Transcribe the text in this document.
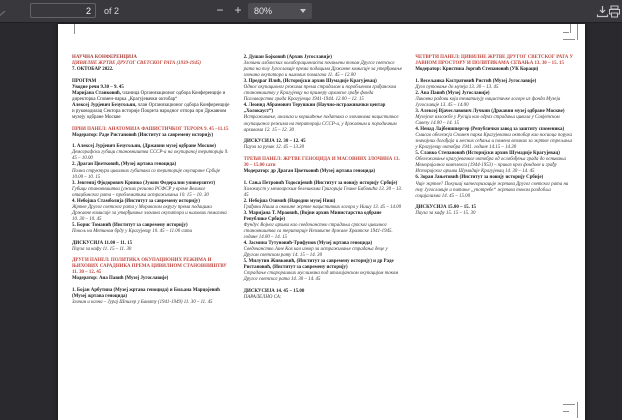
2
of 2	− +	80%

НАУЧНА КОНФЕРЕНЦИЈА

ЦИВИЛНЕ ЖРТВЕ ДРУГОГ СВЕТСКОГ РАТА (1939-1945)

7. ОКТОБАР 2022.

ПРОГРАМ

Уводне речи 9.30 – 9. 45

Маријана Станковић, чланица Организационог одбора Конференције и директорка Спомен-парка „Крагујевачки октобар“

Алексеј Јурјевич Безугољни, члан Организационог одбора Конференције и руководилац Сектора историје Покрета народног отпора при Државном музеју одбране Москве

ПРВИ ПАНЕЛ: АНАТОМИЈА ФАШИСТИЧКОГ ТЕРОРА 9. 45 –11.15

Модератор: Раде Ристановић (Институт за савремену историју)

1. Алексеј Јурјевич Безугољни, (Државни музеј одбране Москве)

Демографски губици становништва СССР-а на окупираној територији 9. 45 – 10.00

2. Драган Цветковић, (Музеј жртава геноцида)

Полна структура цивилних губитака са територије окупиране Србије 10.00 – 10. 15

3. Јевгениј Фјодорович Кринко (Јужни Федерални универзитет)

Губици становништва јужних региона РСФСР у време Великог отаџбинског рата – проблематика истраживања 10. 15 – 10. 30

4. Небојша Стамболија (Институт за савремену историју)

Жртве Другог светског рата у Моравском округу према подацима Државне комисије за утврђивање злочина окупатора и њихових помагача 10. 30 – 10. 45

5. Борис Томанић (Институт за савремену историју)

Покољ на Метином брду у Крагујевцу 10. 45 – 11.00 сати

ДИСКУСИЈА 11.00 – 11. 15

Пауза за кафу 11. 15 – 11. 30

ДРУГИ ПАНЕЛ: ПОЛИТИКА ОКУПАЦИОНИХ РЕЖИМА И ЊИХОВИХ САРАДНИКА ПРЕМА ЦИВИЛНОМ СТАНОВНИШТВУ 11. 30 – 12. 45

Модератор: Ана Павић (Музеј Југославије)

1. Бојан Арбутина (Музеј жртава геноцида) и Биљана Марцојевић (Музеј жртава геноцида)

Злочин и казна – Јурај Шпилер у Банату (1941-1949) 11. 30 – 11. 45

2. Душан Бојковић (Архив Југославије)

Злочини албанских колаборациониста почињени током Другог светског рата на тлу Југославије према подацима Државне комисије за утврђивање злочина окупатора и њихових помагача 11. 45 – 12.00

3. Предраг Илић, (Историјски архив Шумадије Крагујевац)

Однос окупационог режима према страдалом и поробљеном грађанском становништву у Крагујевцу на примеру архивске грађе фонда Поглаварства града Крагујевца 1941-1944. 12.00 – 12. 15

4. Леонид Абрамович Терушкин (Научно-истраживачки центар „Холокауст“)

Истраживање, анализа и коришћење података о злочинима нацистичког окупационог режима на територији СССР-а, у државним и породичним архивама 12. 15 – 12. 30

ДИСКУСИЈА 12. 30 – 12. 45

Пауза за ручак 12. 45 – 13.30

ТРЕЋИ ПАНЕЛ: ЖРТВЕ ГЕНОЦИДА И МАСОВНИХ ЗЛОЧИНА 13. 30 – 15.00 сати

Модератор: др Драган Цветковић (Музеј жртава геноцида)

1. Сања Петровић Тодосијевић (Институт за новију историју Србије)

Холокауст у мемоарским белешкама Григорија Гешке Бабовића 13. 30 – 13. 45

2. Небојша Озимић (Народни музеј Ниш)

Грађани Ниша и околине жртве нацистичких логора у Нишу 13. 45 – 14.00

3. Маријана Т. Мраовић, (Војни архив Министарства одбране Републике Србије)

Фундус Војног архива као сведочанство страдања српског цивилног становништва са територије Независне државе Хрватске 1941-1945. године 14.00 – 14. 15

4. Јасмина Тутуновић-Трифунов (Музеј жртава геноцида)

Сведочанство Јане Кох као извор за истраживање страдања деце у Другом светском рату 14. 15 – 14. 30

5. Милутин Живковић, (Институт за савремену историју) и др Раде Ристановић, (Институт за савремену историју)

Страдање старорашких муслимана под италијанском окупацијом током Другог светског рата 14. 30 – 14. 45

ДИСКУСИЈА 14. 45 – 15.00

ПАРАЛЕЛНО СА:

ЧЕТВРТИ ПАНЕЛ: ЦИВИЛНЕ ЖРТВЕ ДРУГОГ СВЕТСКОГ РАТА У ЈАВНОМ ПРОСТОРУ И ПОЛИТИКАМА СЕЋАЊА 13. 30 – 15. 15

Модератор: Кристина Јоргић Степановић (УК Кораци)

1. Весељанка Кастратовић Ристић (Музеј Југославије)

Дуго путовање до музеја 13. 30 – 13. 45

2. Ана Павић (Музеј Југославије)

Ликовни радови који тематизују нацистичке логоре из фонда Музеја Југославије 13. 45 – 14.00

3. Алексеј Вјачеславович Лучкин (Државни музеј одбране Москве)

Музејске изложбе у Русији као одраз страдања цивила у Совјетском Савезу 14.00 – 14. 15

4. Ненад Лајбеншпергер (Републички завод за заштиту споменика)

Смисао обележја Спомен парка Крагујевачки октобар као носиоца порука значајних догађаја и месних сећања и помена везаних за жртве стрељања у Крагујевцу октобра 1941. године 14.15 – 14.30

5. Славко Степановић (Историјски архив Шумадије Крагујевац)

Обележавање крагујевачког октобра од ослобођења града до оснивања Меморијалног комплекса (1944-1953) – приказ кроз фондове и грађу Историјског архива Шумадије Крагујевац 14. 30 – 14. 45

6. Зоран Јањетовић (Институт за новију историју Србије)

Чије жртве? Покушај категоризације жртава Другог светског рата на тлу Југославије и питање „употребе“ жртава током раздобља социјализма 14. 45 – 15.00

ДИСКУСИЈА 15.00 – 15. 15

Пауза за кафу 15. 15 – 15. 30
